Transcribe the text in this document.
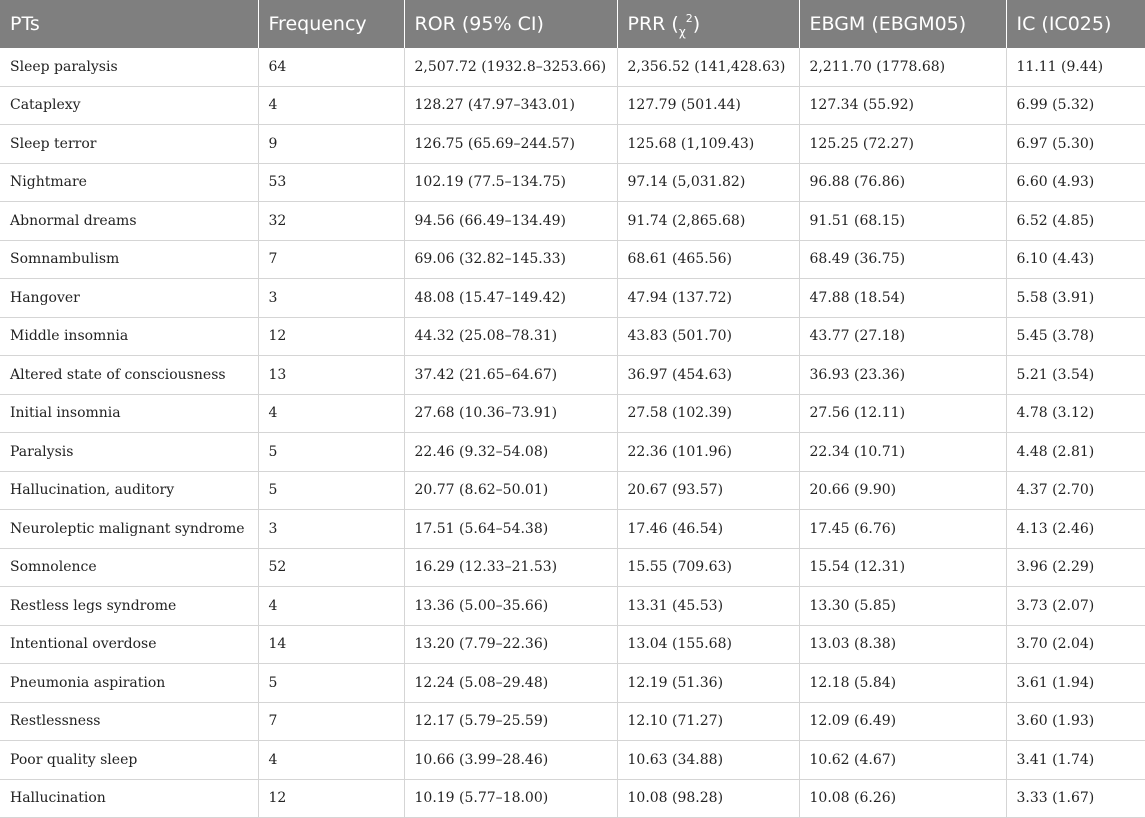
PTs	Frequency	ROR (95% CI)	PRR $(_\chi^2)$	EBGM (EBGM05)	IC (IC025)
Sleep paralysis	64	2,507.72 (1932.8–3253.66)	2,356.52 (141,428.63)	2,211.70 (1778.68)	11.11 (9.44)
Cataplexy	4	128.27 (47.97–343.01)	127.79 (501.44)	127.34 (55.92)	6.99 (5.32)
Sleep terror	9	126.75 (65.69–244.57)	125.68 (1,109.43)	125.25 (72.27)	6.97 (5.30)
Nightmare	53	102.19 (77.5–134.75)	97.14 (5,031.82)	96.88 (76.86)	6.60 (4.93)
Abnormal dreams	32	94.56 (66.49–134.49)	91.74 (2,865.68)	91.51 (68.15)	6.52 (4.85)
Somnambulism	7	69.06 (32.82–145.33)	68.61 (465.56)	68.49 (36.75)	6.10 (4.43)
Hangover	3	48.08 (15.47–149.42)	47.94 (137.72)	47.88 (18.54)	5.58 (3.91)
Middle insomnia	12	44.32 (25.08–78.31)	43.83 (501.70)	43.77 (27.18)	5.45 (3.78)
Altered state of consciousness	13	37.42 (21.65–64.67)	36.97 (454.63)	36.93 (23.36)	5.21 (3.54)
Initial insomnia	4	27.68 (10.36–73.91)	27.58 (102.39)	27.56 (12.11)	4.78 (3.12)
Paralysis	5	22.46 (9.32–54.08)	22.36 (101.96)	22.34 (10.71)	4.48 (2.81)
Hallucination, auditory	5	20.77 (8.62–50.01)	20.67 (93.57)	20.66 (9.90)	4.37 (2.70)
Neuroleptic malignant syndrome	3	17.51 (5.64–54.38)	17.46 (46.54)	17.45 (6.76)	4.13 (2.46)
Somnolence	52	16.29 (12.33–21.53)	15.55 (709.63)	15.54 (12.31)	3.96 (2.29)
Restless legs syndrome	4	13.36 (5.00–35.66)	13.31 (45.53)	13.30 (5.85)	3.73 (2.07)
Intentional overdose	14	13.20 (7.79–22.36)	13.04 (155.68)	13.03 (8.38)	3.70 (2.04)
Pneumonia aspiration	5	12.24 (5.08–29.48)	12.19 (51.36)	12.18 (5.84)	3.61 (1.94)
Restlessness	7	12.17 (5.79–25.59)	12.10 (71.27)	12.09 (6.49)	3.60 (1.93)
Poor quality sleep	4	10.66 (3.99–28.46)	10.63 (34.88)	10.62 (4.67)	3.41 (1.74)
Hallucination	12	10.19 (5.77–18.00)	10.08 (98.28)	10.08 (6.26)	3.33 (1.67)
